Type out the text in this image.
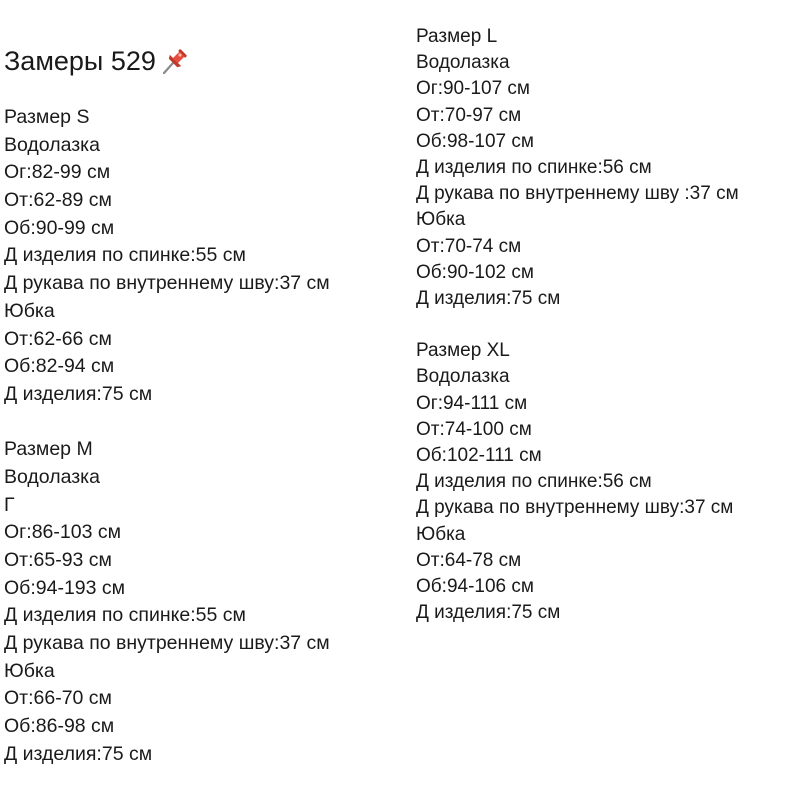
Замеры 529
Размер S
Водолазка
Ог:82-99 см
От:62-89 см
Об:90-99 см
Д изделия по спинке:55 см
Д рукава по внутреннему шву:37 см
Юбка
От:62-66 см
Об:82-94 см
Д изделия:75 см
Размер M
Водолазка
Г
Ог:86-103 см
От:65-93 см
Об:94-193 см
Д изделия по спинке:55 см
Д рукава по внутреннему шву:37 см
Юбка
От:66-70 см
Об:86-98 см
Д изделия:75 см
Размер L
Водолазка
Ог:90-107 см
От:70-97 см
Об:98-107 см
Д изделия по спинке:56 см
Д рукава по внутреннему шву :37 см
Юбка
От:70-74 см
Об:90-102 см
Д изделия:75 см
Размер XL
Водолазка
Ог:94-111 см
От:74-100 см
Об:102-111 см
Д изделия по спинке:56 см
Д рукава по внутреннему шву:37 см
Юбка
От:64-78 см
Об:94-106 см
Д изделия:75 см
